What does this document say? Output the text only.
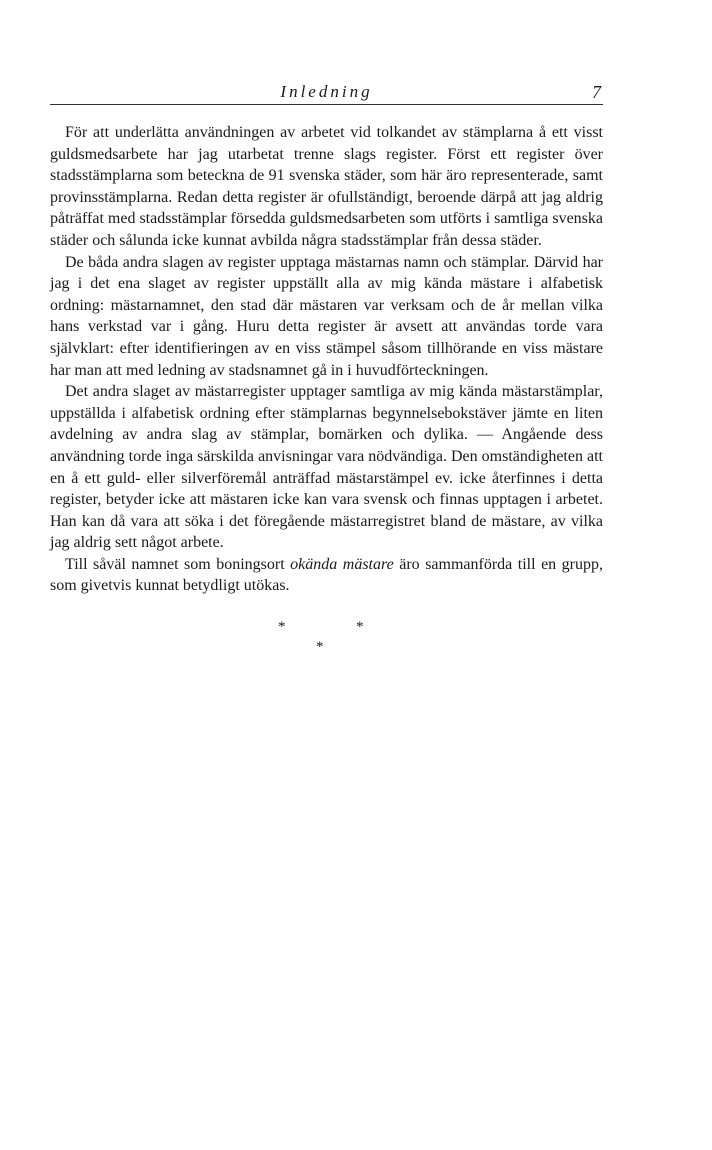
Inledning	7

För att underlätta användningen av arbetet vid tolkandet av stämplarna å ett visst guldsmedsarbete har jag utarbetat trenne slags register. Först ett register över stadsstämplarna som beteckna de 91 svenska städer, som här äro representerade, samt provinsstämplarna. Redan detta register är ofullständigt, beroende därpå att jag aldrig påträffat med stadsstämplar försedda guldsmedsarbeten som utförts i samtliga svenska städer och sålunda icke kunnat avbilda några stadsstämplar från dessa städer.

De båda andra slagen av register upptaga mästarnas namn och stämplar. Därvid har jag i det ena slaget av register uppställt alla av mig kända mästare i alfabetisk ordning: mästarnamnet, den stad där mästaren var verksam och de år mellan vilka hans verkstad var i gång. Huru detta register är avsett att användas torde vara självklart: efter identifieringen av en viss stämpel såsom tillhörande en viss mästare har man att med ledning av stadsnamnet gå in i huvudförteckningen.

Det andra slaget av mästarregister upptager samtliga av mig kända mästarstämplar, uppställda i alfabetisk ordning efter stämplarnas begynnelsebokstäver jämte en liten avdelning av andra slag av stämplar, bomärken och dylika. — Angående dess användning torde inga särskilda anvisningar vara nödvändiga. Den omständigheten att en å ett guld- eller silverföremål anträffad mästarstämpel ev. icke återfinnes i detta register, betyder icke att mästaren icke kan vara svensk och finnas upptagen i arbetet. Han kan då vara att söka i det föregående mästarregistret bland de mästare, av vilka jag aldrig sett något arbete.

Till såväl namnet som boningsort okända mästare äro sammanförda till en grupp, som givetvis kunnat betydligt utökas.

*	*
*
